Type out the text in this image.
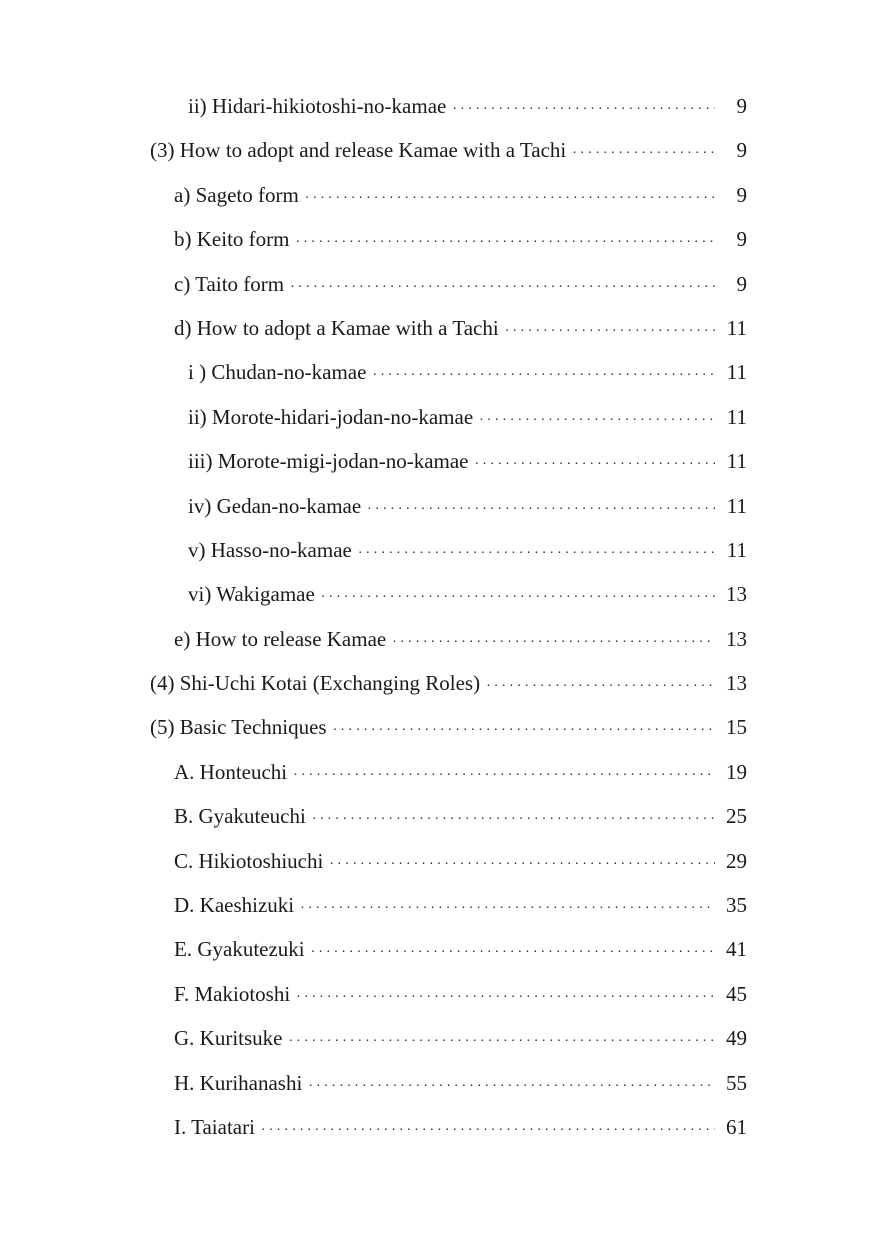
ii) Hidari-hikiotoshi-no-kamae ·····	9
(3) How to adopt and release Kamae with a Tachi ·····	9
a) Sageto form ·····	9
b) Keito form ·····	9
c) Taito form ·····	9
d) How to adopt a Kamae with a Tachi ·····	11
i ) Chudan-no-kamae ·····	11
ii) Morote-hidari-jodan-no-kamae ·····	11
iii) Morote-migi-jodan-no-kamae ·····	11
iv) Gedan-no-kamae ·····	11
v) Hasso-no-kamae ·····	11
vi) Wakigamae ·····	13
e) How to release Kamae ·····	13
(4) Shi-Uchi Kotai (Exchanging Roles) ·····	13
(5) Basic Techniques ·····	15
A. Honteuchi ·····	19
B. Gyakuteuchi ·····	25
C. Hikiotoshiuchi ·····	29
D. Kaeshizuki ·····	35
E. Gyakutezuki ·····	41
F. Makiotoshi ·····	45
G. Kuritsuke ·····	49
H. Kurihanashi ·····	55
I. Taiatari ·····	61
